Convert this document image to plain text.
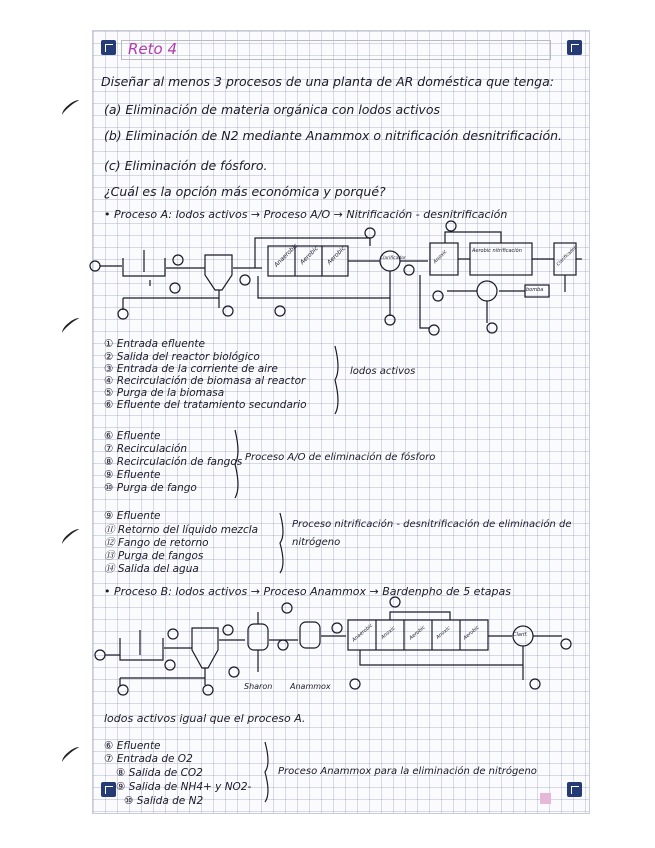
Reto 4
Diseñar al menos 3 procesos de una planta de AR doméstica que tenga:
(a) Eliminación de materia orgánica con lodos activos
(b) Eliminación de N2 mediante Anammox o nitrificación desnitrificación.
(c) Eliminación de fósforo.
¿Cuál es la opción más económica y porqué?
• Proceso A: lodos activos → Proceso A/O → Nitrificación - desnitrificación
Anaerobic Aerobic Aerobic	Clarificador	Anoxic	Aerobic nitrificación	Clarificador
bomba
① Entrada efluente
② Salida del reactor biológico
③ Entrada de la corriente de aire
④ Recirculación de biomasa al reactor
⑤ Purga de la biomasa
⑥ Efluente del tratamiento secundario
lodos activos
⑥ Efluente
⑦ Recirculación
⑧ Recirculación de fangos
⑨ Efluente
⑩ Purga de fango
Proceso A/O de eliminación de fósforo
⑨ Efluente
⑪ Retorno del líquido mezcla
⑫ Fango de retorno
⑬ Purga de fangos
⑭ Salida del agua
Proceso nitrificación - desnitrificación de eliminación de nitrógeno
• Proceso B: lodos activos → Proceso Anammox → Bardenpho de 5 etapas
Sharon Anammox
Anaerobic Anoxic Aerobic Anoxic Aerobic	Clarif.
lodos activos igual que el proceso A.
⑥ Efluente
⑦ Entrada de O2
⑧ Salida de CO2
⑨ Salida de NH4+ y NO2-
⑩ Salida de N2
Proceso Anammox para la eliminación de nitrógeno
